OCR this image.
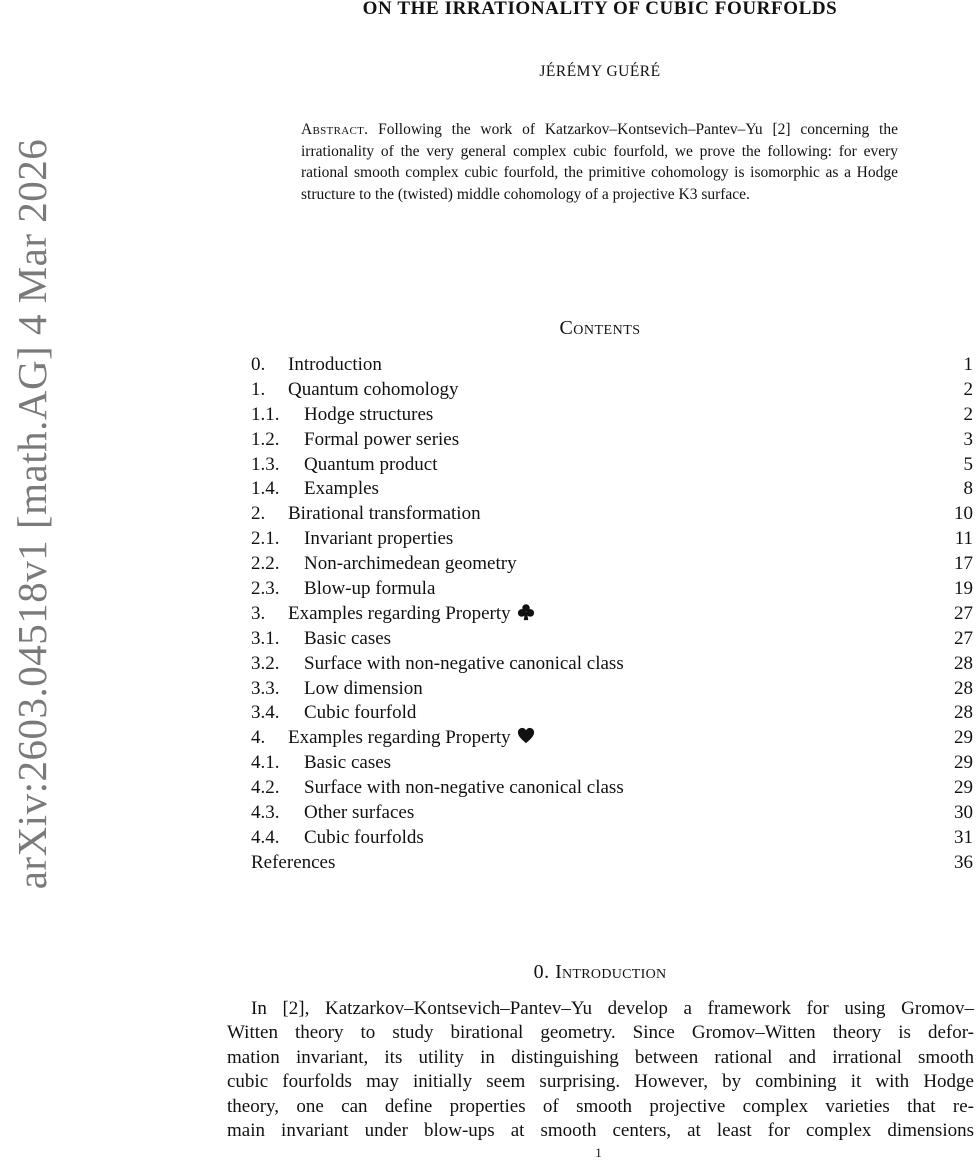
arXiv:2603.04518v1 [math.AG] 4 Mar 2026
ON THE IRRATIONALITY OF CUBIC FOURFOLDS
JÉRÉMY GUÉRÉ
Abstract. Following the work of Katzarkov–Kontsevich–Pantev–Yu [2] concerning the irrationality of the very general complex cubic fourfold, we prove the following: for every rational smooth complex cubic fourfold, the primitive cohomology is isomorphic as a Hodge structure to the (twisted) middle cohomology of a projective K3 surface.
Contents
0.	Introduction	1
1.	Quantum cohomology	2
1.1.	Hodge structures	2
1.2.	Formal power series	3
1.3.	Quantum product	5
1.4.	Examples	8
2.	Birational transformation	10
2.1.	Invariant properties	11
2.2.	Non-archimedean geometry	17
2.3.	Blow-up formula	19
3.	Examples regarding Property	27
3.1.	Basic cases	27
3.2.	Surface with non-negative canonical class	28
3.3.	Low dimension	28
3.4.	Cubic fourfold	28
4.	Examples regarding Property	29
4.1.	Basic cases	29
4.2.	Surface with non-negative canonical class	29
4.3.	Other surfaces	30
4.4.	Cubic fourfolds	31
References	36
0. Introduction
In [2], Katzarkov–Kontsevich–Pantev–Yu develop a framework for using Gromov–
Witten theory to study birational geometry. Since Gromov–Witten theory is defor-
mation invariant, its utility in distinguishing between rational and irrational smooth
cubic fourfolds may initially seem surprising. However, by combining it with Hodge
theory, one can define properties of smooth projective complex varieties that re-
main invariant under blow-ups at smooth centers, at least for complex dimensions
1
